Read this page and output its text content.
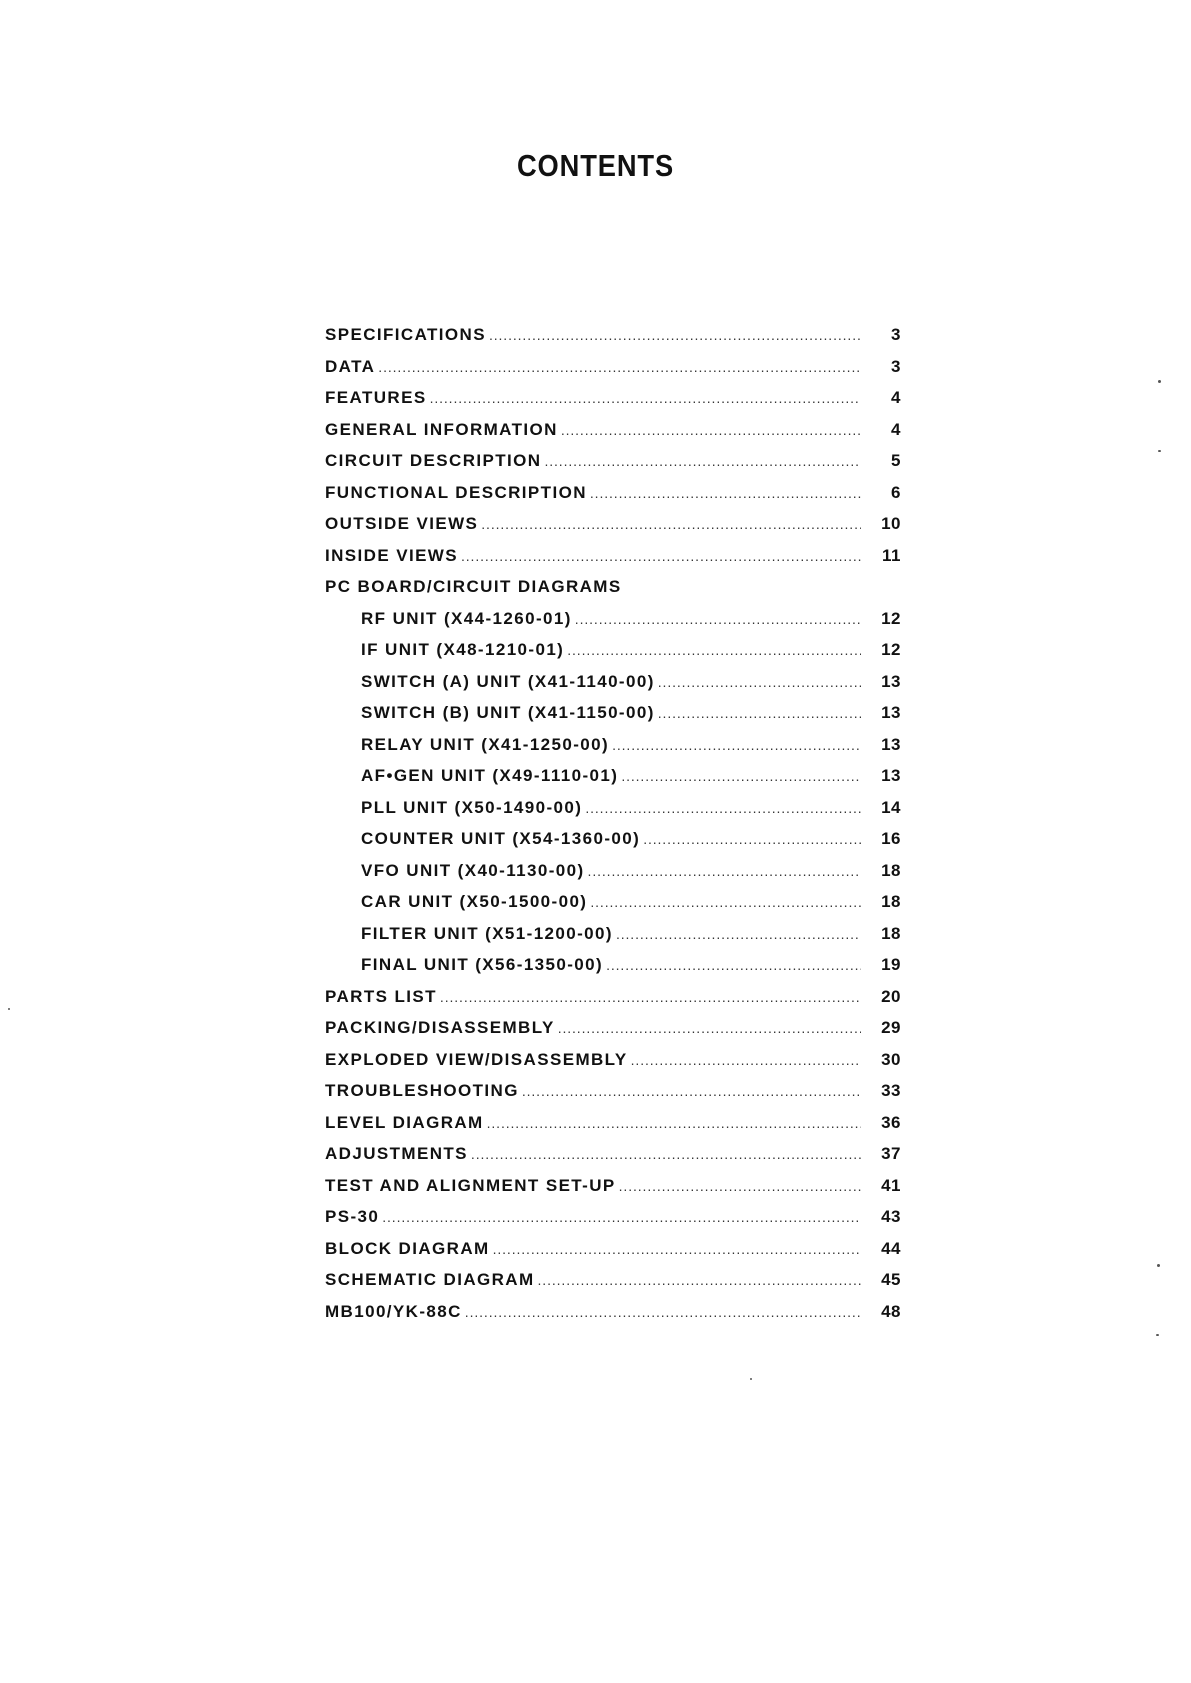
CONTENTS
SPECIFICATIONS . . .	3
DATA . . .	3
FEATURES . . .	4
GENERAL INFORMATION . . .	4
CIRCUIT DESCRIPTION . . .	5
FUNCTIONAL DESCRIPTION . . .	6
OUTSIDE VIEWS . . .	10
INSIDE VIEWS . . .	11
PC BOARD/CIRCUIT DIAGRAMS
RF UNIT (X44-1260-01) . . .	12
IF UNIT (X48-1210-01) . . .	12
SWITCH (A) UNIT (X41-1140-00) . . .	13
SWITCH (B) UNIT (X41-1150-00) . . .	13
RELAY UNIT (X41-1250-00) . . .	13
AF•GEN UNIT (X49-1110-01) . . .	13
PLL UNIT (X50-1490-00) . . .	14
COUNTER UNIT (X54-1360-00) . . .	16
VFO UNIT (X40-1130-00) . . .	18
CAR UNIT (X50-1500-00) . . .	18
FILTER UNIT (X51-1200-00) . . .	18
FINAL UNIT (X56-1350-00) . . .	19
PARTS LIST . . .	20
PACKING/DISASSEMBLY . . .	29
EXPLODED VIEW/DISASSEMBLY . . .	30
TROUBLESHOOTING . . .	33
LEVEL DIAGRAM . . .	36
ADJUSTMENTS . . .	37
TEST AND ALIGNMENT SET-UP . . .	41
PS-30 . . .	43
BLOCK DIAGRAM . . .	44
SCHEMATIC DIAGRAM . . .	45
MB100/YK-88C . . .	48
